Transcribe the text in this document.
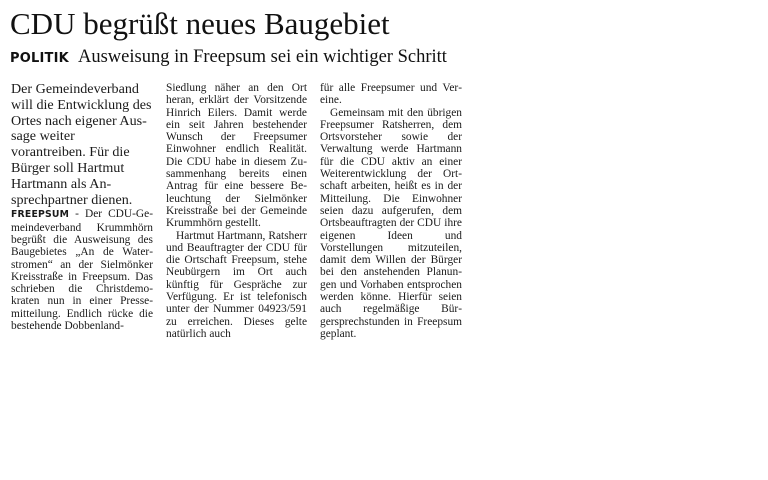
CDU begrüßt neues Baugebiet
POLITIK Ausweisung in Freepsum sei ein wichtiger Schritt

Der Gemeindeverband will die Entwicklung des Ortes nach eigener Aussage weiter vorantreiben. Für die Bürger soll Hartmut Hartmann als Ansprechpartner dienen.

FREEPSUM - Der CDU-Gemeindeverband Krummhörn begrüßt die Ausweisung des Baugebietes „An de Waterstromen“ an der Sielmönker Kreisstraße in Freepsum. Das schrieben die Christdemokraten nun in einer Pressemitteilung. Endlich rücke die bestehende Dobbenland-

Siedlung näher an den Ort heran, erklärt der Vorsitzende Hinrich Eilers. Damit werde ein seit Jahren bestehender Wunsch der Freepsumer Einwohner endlich Realität. Die CDU habe in diesem Zusammenhang bereits einen Antrag für eine bessere Beleuchtung der Sielmönker Kreisstraße bei der Gemeinde Krummhörn gestellt.

Hartmut Hartmann, Ratsherr und Beauftragter der CDU für die Ortschaft Freepsum, stehe Neubürgern im Ort auch künftig für Gespräche zur Verfügung. Er ist telefonisch unter der Nummer 04923/591 zu erreichen. Dieses gelte natürlich auch

für alle Freepsumer und Vereine.

Gemeinsam mit den übrigen Freepsumer Ratsherren, dem Ortsvorsteher sowie der Verwaltung werde Hartmann für die CDU aktiv an einer Weiterentwicklung der Ortschaft arbeiten, heißt es in der Mitteilung. Die Einwohner seien dazu aufgerufen, dem Ortsbeauftragten der CDU ihre eigenen Ideen und Vorstellungen mitzuteilen, damit dem Willen der Bürger bei den anstehenden Planungen und Vorhaben entsprochen werden könne. Hierfür seien auch regelmäßige Bürgersprechstunden in Freepsum geplant.
